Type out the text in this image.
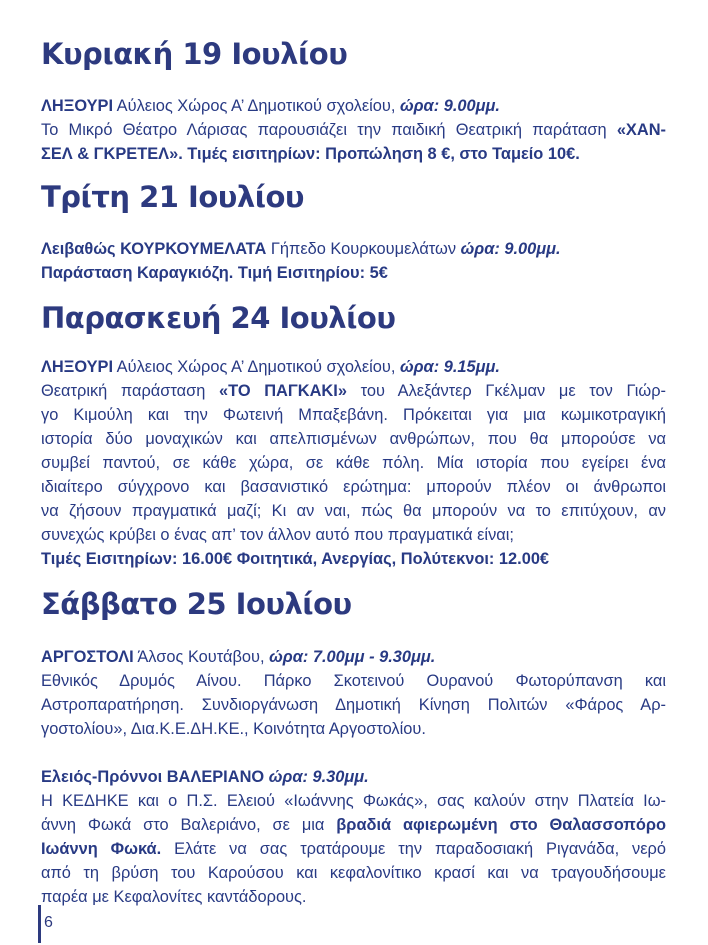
Κυριακή 19 Ιουλίου
ΛΗΞΟΥΡΙ Αύλειος Χώρος Α’ Δημοτικού σχολείου, ώρα: 9.00μμ.
Το Μικρό Θέατρο Λάρισας παρουσιάζει την παιδική Θεατρική παράταση «ΧΑΝ-
ΣΕΛ & ΓΚΡΕΤΕΛ». Τιμές εισιτηρίων: Προπώληση 8 €, στο Ταμείο 10€.
Τρίτη 21 Ιουλίου
Λειβαθώς ΚΟΥΡΚΟΥΜΕΛΑΤΑ Γήπεδο Κουρκουμελάτων ώρα: 9.00μμ.
Παράσταση Καραγκιόζη. Τιμή Εισιτηρίου: 5€
Παρασκευή 24 Ιουλίου
ΛΗΞΟΥΡΙ Αύλειος Χώρος Α’ Δημοτικού σχολείου, ώρα: 9.15μμ.
Θεατρική παράσταση «ΤΟ ΠΑΓΚΑΚΙ» του Αλεξάντερ Γκέλμαν με τον Γιώρ-
γο Κιμούλη και την Φωτεινή Μπαξεβάνη. Πρόκειται για μια κωμικοτραγική
ιστορία δύο μοναχικών και απελπισμένων ανθρώπων, που θα μπορούσε να
συμβεί παντού, σε κάθε χώρα, σε κάθε πόλη. Μία ιστορία που εγείρει ένα
ιδιαίτερο σύγχρονο και βασανιστικό ερώτημα: μπορούν πλέον οι άνθρωποι
να ζήσουν πραγματικά μαζί; Κι αν ναι, πώς θα μπορούν να το επιτύχουν, αν
συνεχώς κρύβει ο ένας απ’ τον άλλον αυτό που πραγματικά είναι;
Τιμές Εισιτηρίων: 16.00€ Φοιτητικά, Ανεργίας, Πολύτεκνοι: 12.00€
Σάββατο 25 Ιουλίου
ΑΡΓΟΣΤΟΛΙ Άλσος Κουτάβου, ώρα: 7.00μμ - 9.30μμ.
Εθνικός Δρυμός Αίνου. Πάρκο Σκοτεινού Ουρανού Φωτορύπανση και
Αστροπαρατήρηση. Συνδιοργάνωση Δημοτική Κίνηση Πολιτών «Φάρος Αρ-
γοστολίου», Δια.Κ.Ε.ΔΗ.ΚΕ., Κοινότητα Αργοστολίου.
Ελειός-Πρόννοι ΒΑΛΕΡΙΑΝΟ ώρα: 9.30μμ.
Η ΚΕΔΗΚΕ και ο Π.Σ. Ελειού «Ιωάννης Φωκάς», σας καλούν στην Πλατεία Ιω-
άννη Φωκά στο Βαλεριάνο, σε μια βραδιά αφιερωμένη στο Θαλασσοπόρο
Ιωάννη Φωκά. Ελάτε να σας τρατάρουμε την παραδοσιακή Ριγανάδα, νερό
από τη βρύση του Καρούσου και κεφαλονίτικο κρασί και να τραγουδήσουμε
παρέα με Κεφαλονίτες καντάδορους.
6
